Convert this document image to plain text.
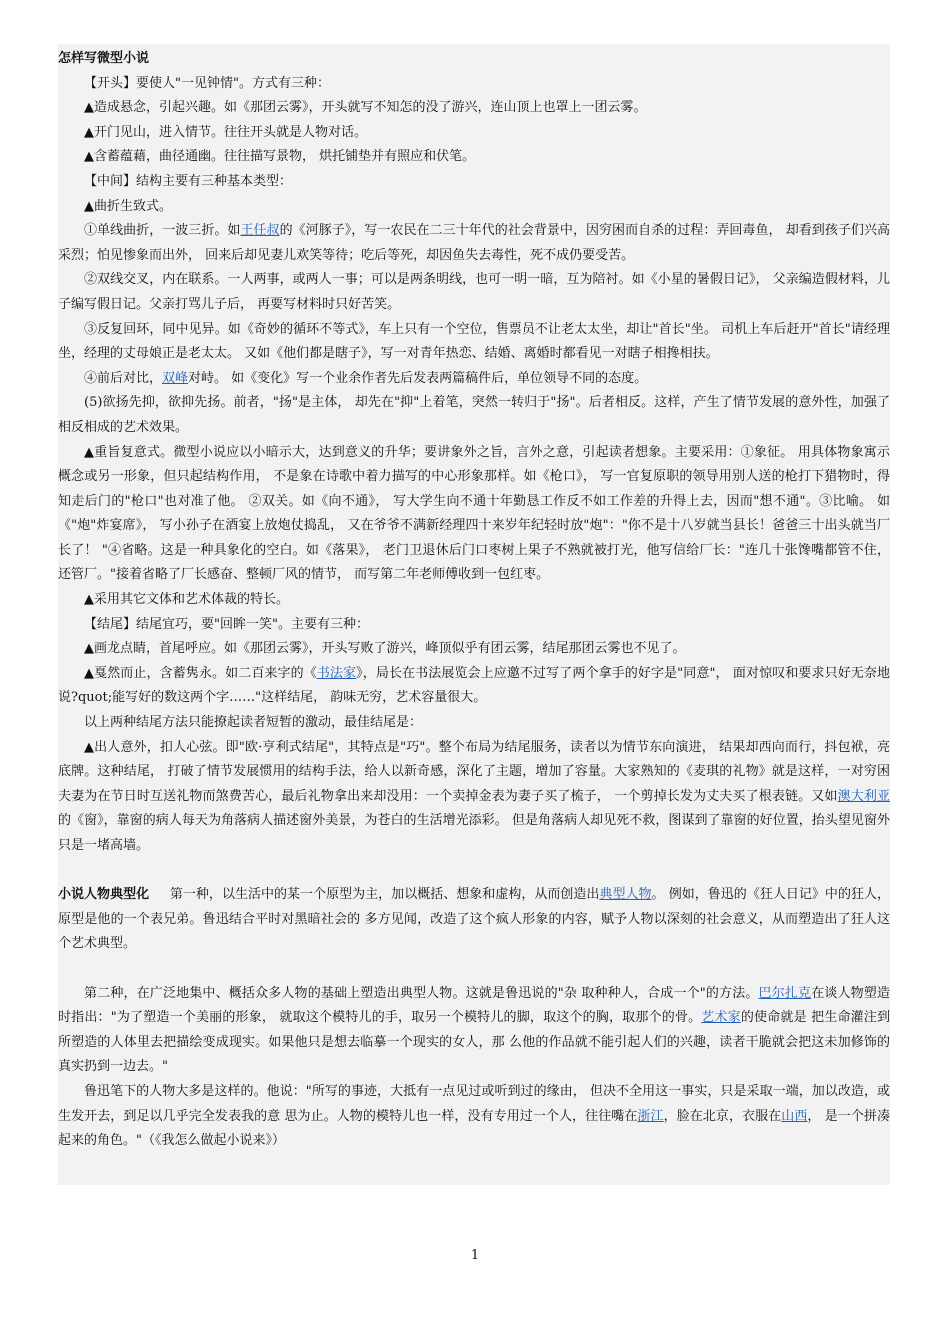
怎样写微型小说

【开头】要使人"一见钟情"。方式有三种：

▲造成悬念，引起兴趣。如《那团云雾》，开头就写不知怎的没了游兴，连山顶上也罩上一团云雾。

▲开门见山，进入情节。往往开头就是人物对话。

▲含蓄蕴藉，曲径通幽。往往描写景物， 烘托铺垫并有照应和伏笔。

【中间】结构主要有三种基本类型：

▲曲折生致式。

①单线曲折，一波三折。如王任叔的《河豚子》，写一农民在二三十年代的社会背景中，因穷困而自杀的过程：弄回毒鱼， 却看到孩子们兴高采烈；怕见惨象而出外， 回来后却见妻儿欢笑等待；吃后等死，却因鱼失去毒性，死不成仍要受苦。

②双线交叉，内在联系。一人两事，或两人一事；可以是两条明线，也可一明一暗，互为陪衬。如《小星的暑假日记》， 父亲编造假材料，儿子编写假日记。父亲打骂儿子后， 再要写材料时只好苦笑。

③反复回环，同中见异。如《奇妙的循环不等式》，车上只有一个空位，售票员不让老太太坐，却让"首长"坐。 司机上车后赶开"首长"请经理坐，经理的丈母娘正是老太太。 又如《他们都是瞎子》，写一对青年热恋、结婚、离婚时都看见一对瞎子相搀相扶。

④前后对比，双峰对峙。 如《变化》写一个业余作者先后发表两篇稿件后，单位领导不同的态度。

(5)欲扬先抑，欲抑先扬。前者，"扬"是主体， 却先在"抑"上着笔，突然一转归于"扬"。后者相反。这样，产生了情节发展的意外性，加强了相反相成的艺术效果。

▲重旨复意式。微型小说应以小暗示大，达到意义的升华；要讲象外之旨，言外之意，引起读者想象。主要采用：①象征。 用具体物象寓示概念或另一形象，但只起结构作用， 不是象在诗歌中着力描写的中心形象那样。如《枪口》， 写一官复原职的领导用别人送的枪打下猎物时，得知走后门的"枪口"也对准了他。 ②双关。如《向不通》， 写大学生向不通十年勤恳工作反不如工作差的升得上去，因而"想不通"。③比喻。 如《"炮"炸宴席》， 写小孙子在酒宴上放炮仗捣乱， 又在爷爷不满新经理四十来岁年纪轻时放"炮"："你不是十八岁就当县长！爸爸三十出头就当厂长了！ "④省略。这是一种具象化的空白。如《落果》， 老门卫退休后门口枣树上果子不熟就被打光，他写信给厂长："连几十张馋嘴都管不住，还管厂。"接着省略了厂长感奋、整顿厂风的情节， 而写第二年老师傅收到一包红枣。

▲采用其它文体和艺术体裁的特长。

【结尾】结尾宜巧，要"回眸一笑"。主要有三种：

▲画龙点睛，首尾呼应。如《那团云雾》，开头写败了游兴，峰顶似乎有团云雾，结尾那团云雾也不见了。

▲戛然而止，含蓄隽永。如二百来字的《书法家》，局长在书法展览会上应邀不过写了两个拿手的好字是"同意"， 面对惊叹和要求只好无奈地说?quot;能写好的数这两个字……"这样结尾， 韵味无穷，艺术容量很大。

以上两种结尾方法只能撩起读者短暂的激动，最佳结尾是：

▲出人意外，扣人心弦。即"欧·亨利式结尾"，其特点是"巧"。整个布局为结尾服务，读者以为情节东向演进， 结果却西向而行，抖包袱，亮底牌。这种结尾， 打破了情节发展惯用的结构手法，给人以新奇感，深化了主题，增加了容量。大家熟知的《麦琪的礼物》就是这样，一对穷困夫妻为在节日时互送礼物而煞费苦心，最后礼物拿出来却没用：一个卖掉金表为妻子买了梳子， 一个剪掉长发为丈夫买了根表链。又如澳大利亚的《窗》，靠窗的病人每天为角落病人描述窗外美景，为苍白的生活增光添彩。 但是角落病人却见死不救，图谋到了靠窗的好位置，抬头望见窗外只是一堵高墙。

小说人物典型化     第一种，以生活中的某一个原型为主，加以概括、想象和虚构，从而创造出典型人物。 例如，鲁迅的《狂人日记》中的狂人，原型是他的一个表兄弟。鲁迅结合平时对黑暗社会的 多方见闻，改造了这个疯人形象的内容，赋予人物以深刻的社会意义，从而塑造出了狂人这 个艺术典型。

第二种，在广泛地集中、概括众多人物的基础上塑造出典型人物。这就是鲁迅说的"杂 取种种人，合成一个"的方法。巴尔扎克在谈人物塑造时指出："为了塑造一个美丽的形象， 就取这个模特儿的手，取另一个模特儿的脚，取这个的胸，取那个的骨。艺术家的使命就是 把生命灌注到所塑造的人体里去把描绘变成现实。如果他只是想去临摹一个现实的女人，那 么他的作品就不能引起人们的兴趣，读者干脆就会把这未加修饰的真实扔到一边去。"

鲁迅笔下的人物大多是这样的。他说："所写的事迹，大抵有一点见过或听到过的缘由， 但决不全用这一事实，只是采取一端，加以改造，或生发开去，到足以几乎完全发表我的意 思为止。人物的模特儿也一样，没有专用过一个人，往往嘴在浙江，脸在北京，衣服在山西， 是一个拼凑起来的角色。"（《我怎么做起小说来》）

1
